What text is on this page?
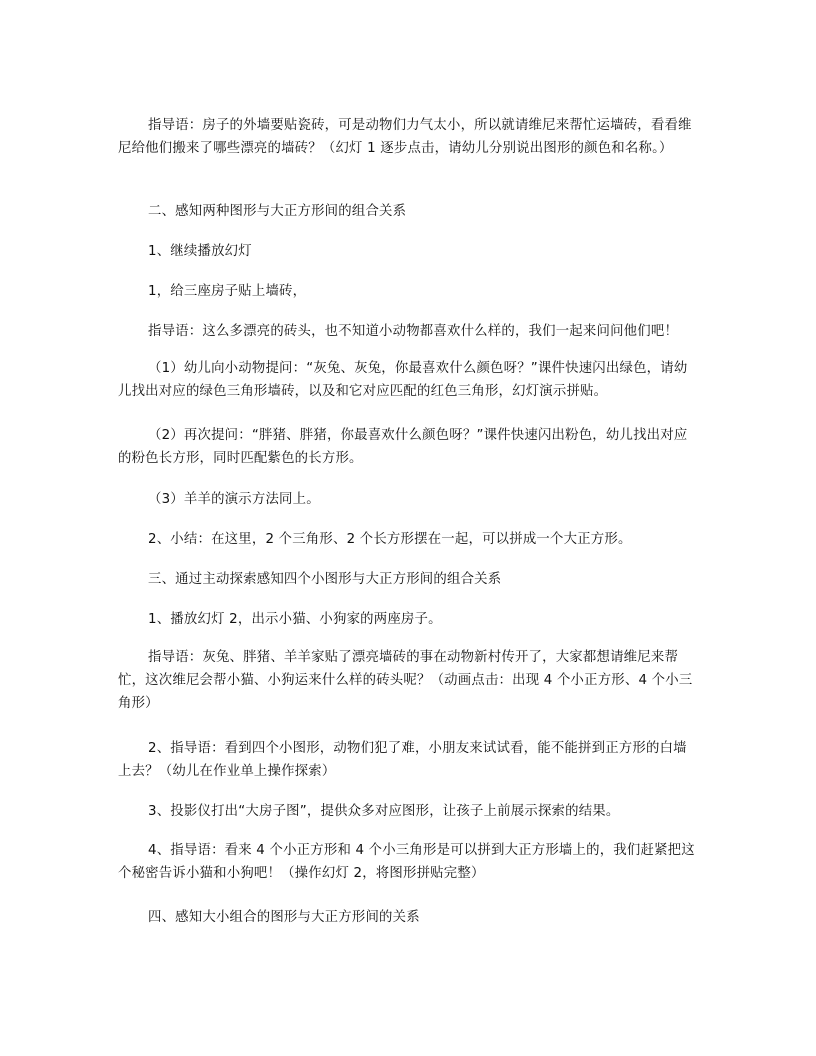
指导语：房子的外墙要贴瓷砖，可是动物们力气太小，所以就请维尼来帮忙运墙砖，看看维尼给他们搬来了哪些漂亮的墙砖？（幻灯 1 逐步点击，请幼儿分别说出图形的颜色和名称。）

二、感知两种图形与大正方形间的组合关系

1、继续播放幻灯

1，给三座房子贴上墙砖，

指导语：这么多漂亮的砖头，也不知道小动物都喜欢什么样的，我们一起来问问他们吧！

（1）幼儿向小动物提问：“灰兔、灰兔，你最喜欢什么颜色呀？”课件快速闪出绿色，请幼儿找出对应的绿色三角形墙砖，以及和它对应匹配的红色三角形，幻灯演示拼贴。

（2）再次提问：“胖猪、胖猪，你最喜欢什么颜色呀？”课件快速闪出粉色，幼儿找出对应的粉色长方形，同时匹配紫色的长方形。

（3）羊羊的演示方法同上。

2、小结：在这里，2 个三角形、2 个长方形摆在一起，可以拼成一个大正方形。

三、通过主动探索感知四个小图形与大正方形间的组合关系

1、播放幻灯 2，出示小猫、小狗家的两座房子。

指导语：灰兔、胖猪、羊羊家贴了漂亮墙砖的事在动物新村传开了，大家都想请维尼来帮忙，这次维尼会帮小猫、小狗运来什么样的砖头呢？（动画点击：出现 4 个小正方形、4 个小三角形）

2、指导语：看到四个小图形，动物们犯了难，小朋友来试试看，能不能拼到正方形的白墙上去？（幼儿在作业单上操作探索）

3、投影仪打出“大房子图”，提供众多对应图形，让孩子上前展示探索的结果。

4、指导语：看来 4 个小正方形和 4 个小三角形是可以拼到大正方形墙上的，我们赶紧把这个秘密告诉小猫和小狗吧！（操作幻灯 2，将图形拼贴完整）

四、感知大小组合的图形与大正方形间的关系
